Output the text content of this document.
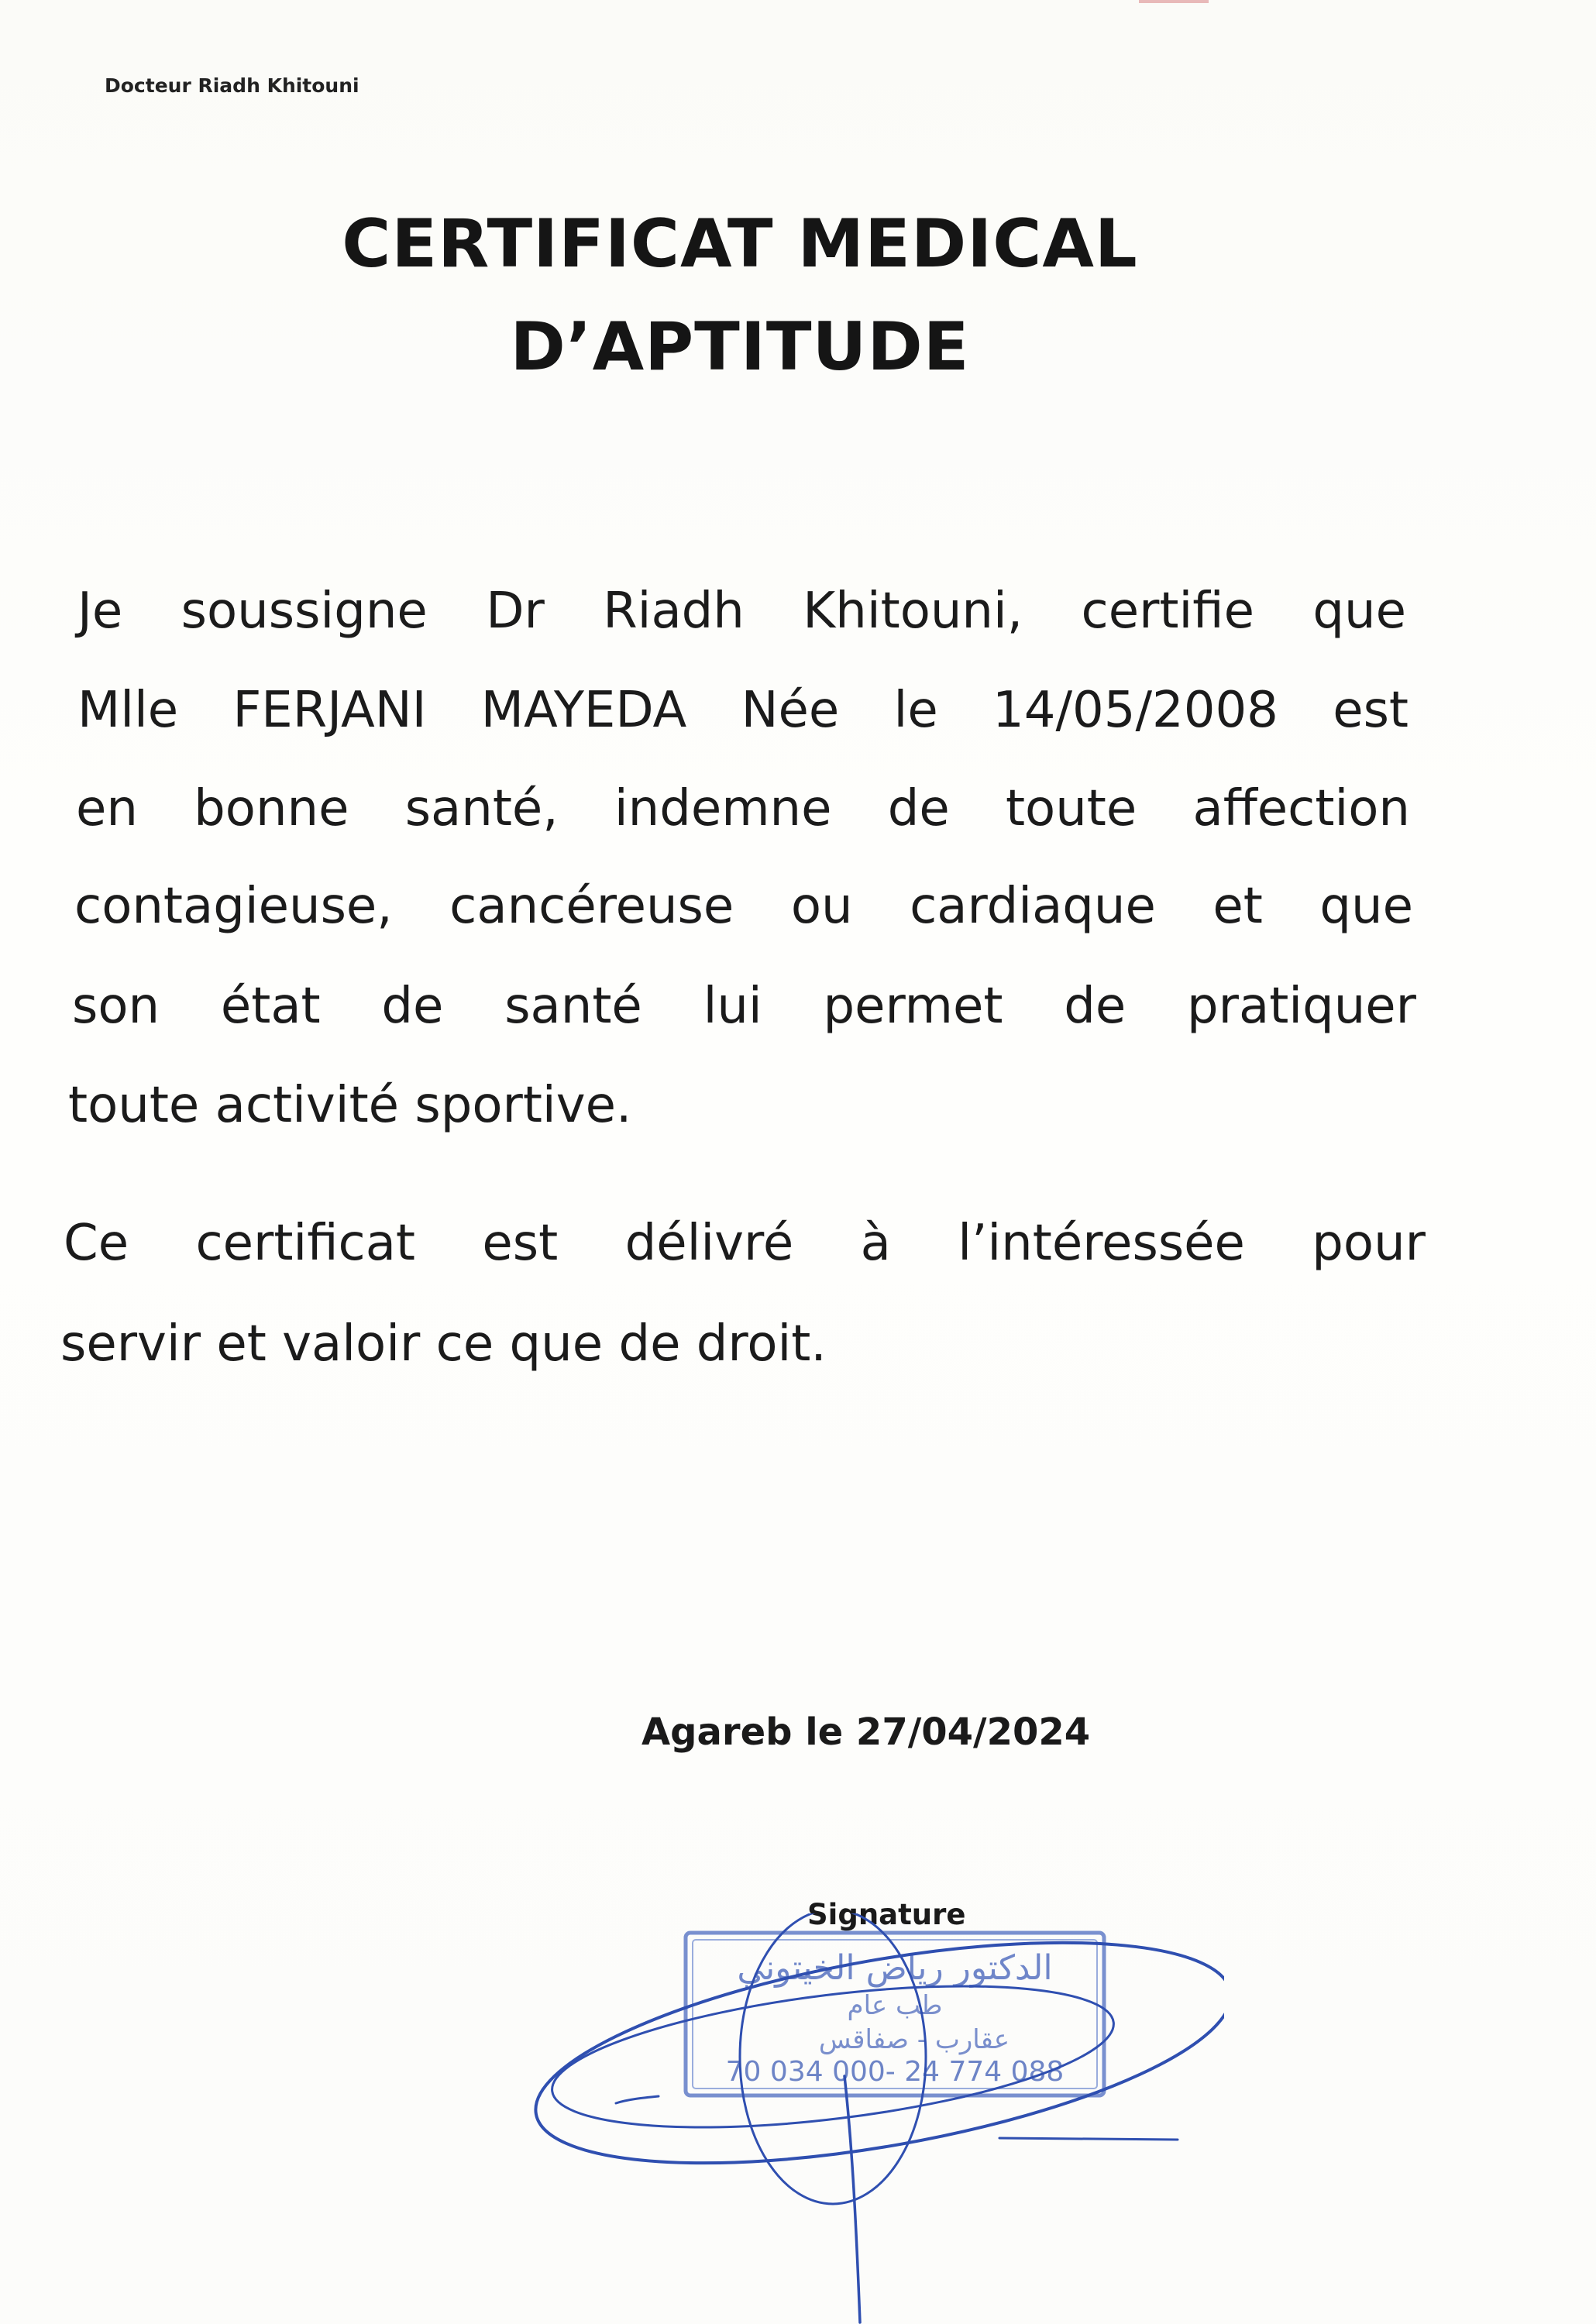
Docteur Riadh Khitouni
CERTIFICAT MEDICAL
D’APTITUDE
Je soussigne Dr Riadh Khitouni, certifie que
Mlle FERJANI MAYEDA Née le 14/05/2008 est
en bonne santé, indemne de toute affection
contagieuse, cancéreuse ou cardiaque et que
son état de santé lui permet de pratiquer
toute activité sportive.
Ce certificat est délivré à l’intéressée pour
servir et valoir ce que de droit.
Agareb le 27/04/2024
Signature
الدكتور رياض الخيتوني
طب عام
عقارب - صفاقس
70 034 000- 24 774 088
